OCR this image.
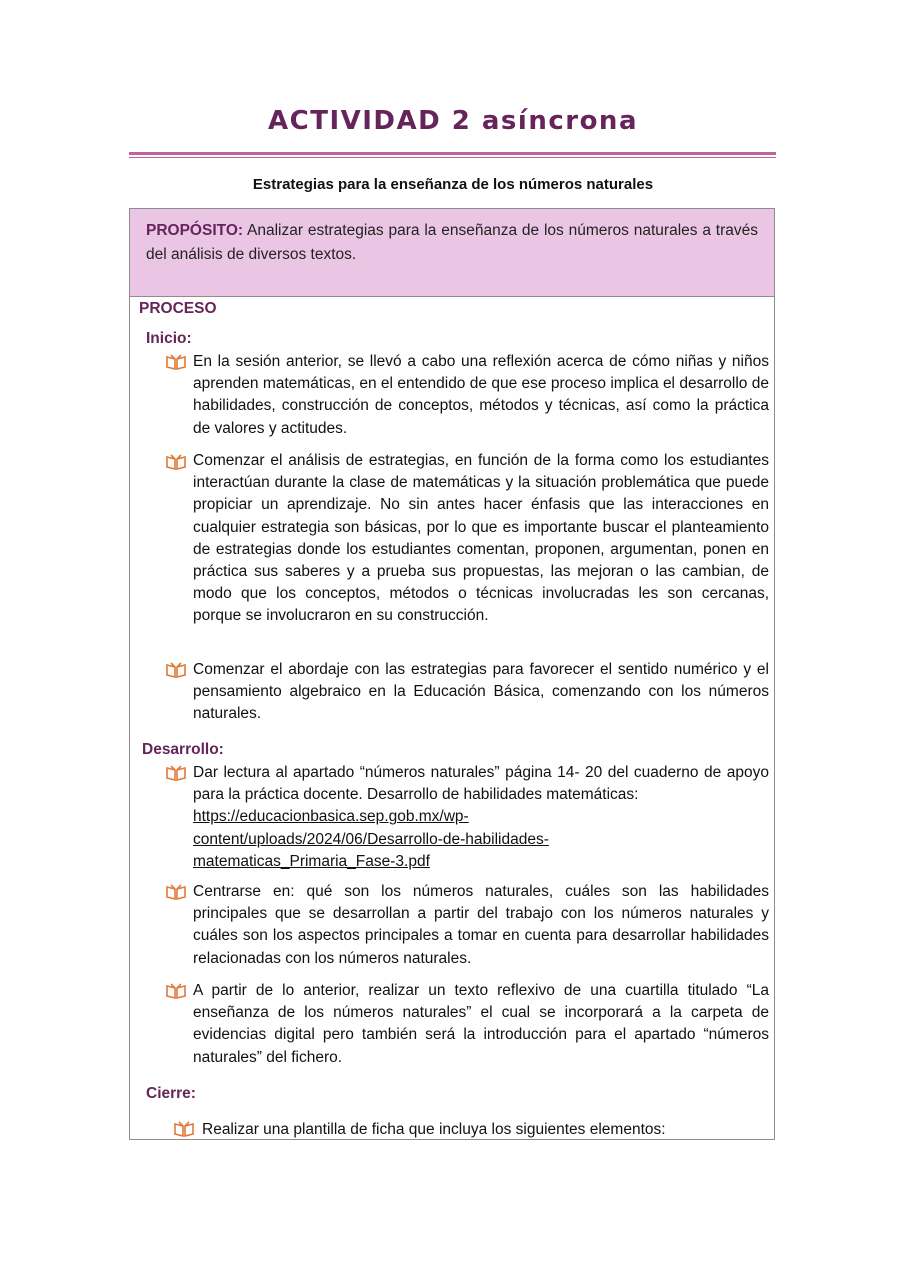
ACTIVIDAD 2 asíncrona
Estrategias para la enseñanza de los números naturales
PROPÓSITO: Analizar estrategias para la enseñanza de los números naturales a través del análisis de diversos textos.
PROCESO
Inicio:
En la sesión anterior, se llevó a cabo una reflexión acerca de cómo niñas y niños aprenden matemáticas, en el entendido de que ese proceso implica el desarrollo de habilidades, construcción de conceptos, métodos y técnicas, así como la práctica de valores y actitudes.
Comenzar el análisis de estrategias, en función de la forma como los estudiantes interactúan durante la clase de matemáticas y la situación problemática que puede propiciar un aprendizaje. No sin antes hacer énfasis que las interacciones en cualquier estrategia son básicas, por lo que es importante buscar el planteamiento de estrategias donde los estudiantes comentan, proponen, argumentan, ponen en práctica sus saberes y a prueba sus propuestas, las mejoran o las cambian, de modo que los conceptos, métodos o técnicas involucradas les son cercanas, porque se involucraron en su construcción.
Comenzar el abordaje con las estrategias para favorecer el sentido numérico y el pensamiento algebraico en la Educación Básica, comenzando con los números naturales.
Desarrollo:
Dar lectura al apartado “números naturales” página 14- 20 del cuaderno de apoyo para la práctica docente. Desarrollo de habilidades matemáticas:
https://educacionbasica.sep.gob.mx/wp-
content/uploads/2024/06/Desarrollo-de-habilidades-
matematicas_Primaria_Fase-3.pdf
Centrarse en: qué son los números naturales, cuáles son las habilidades principales que se desarrollan a partir del trabajo con los números naturales y cuáles son los aspectos principales a tomar en cuenta para desarrollar habilidades relacionadas con los números naturales.
A partir de lo anterior, realizar un texto reflexivo de una cuartilla titulado “La enseñanza de los números naturales” el cual se incorporará a la carpeta de evidencias digital pero también será la introducción para el apartado “números naturales” del fichero.
Cierre:
Realizar una plantilla de ficha que incluya los siguientes elementos:
